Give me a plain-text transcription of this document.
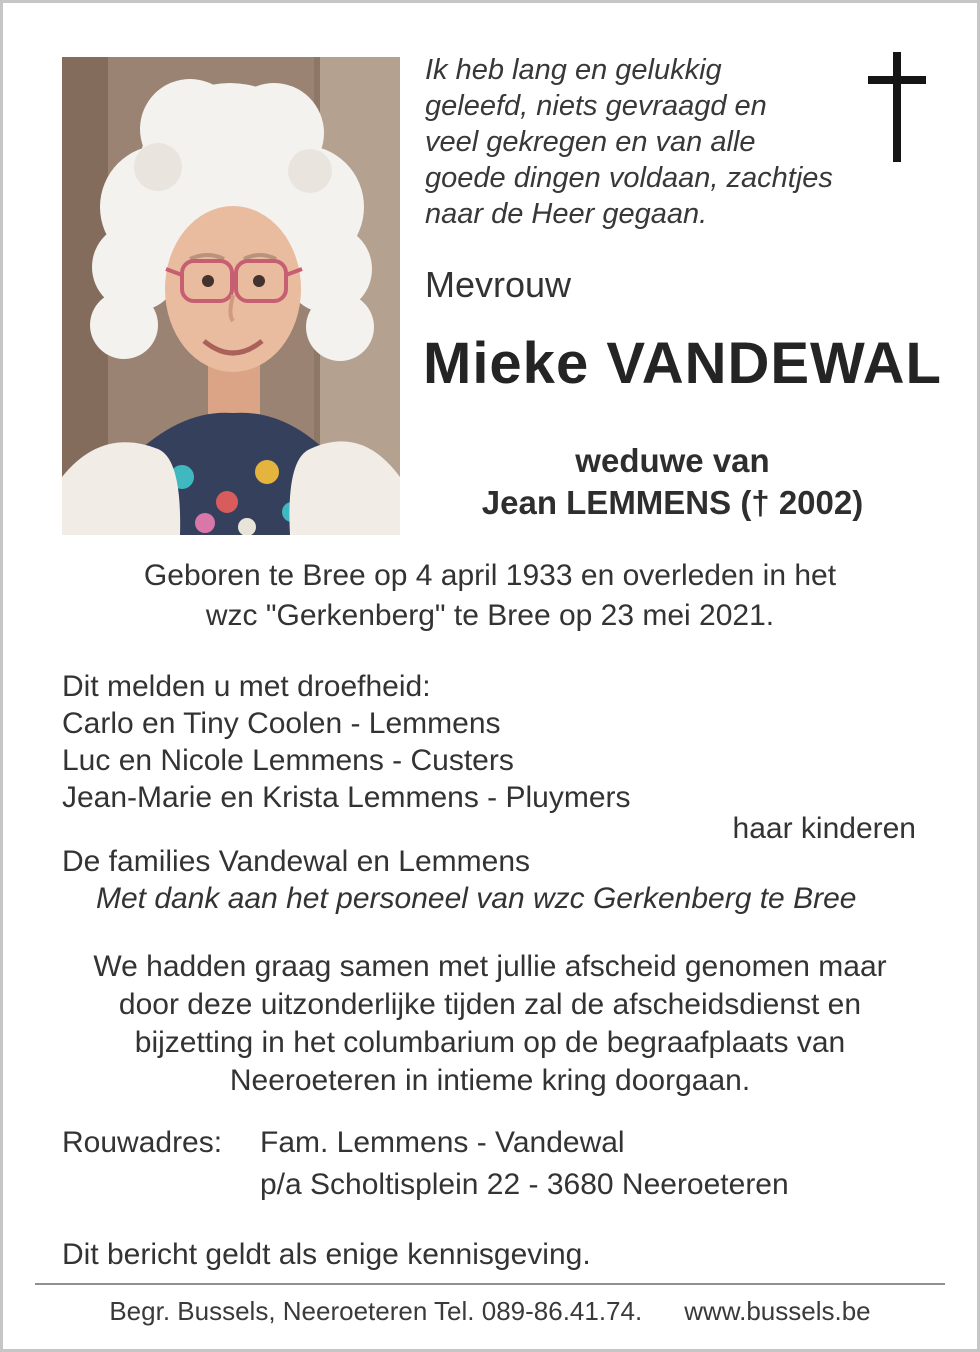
Ik heb lang en gelukkig
geleefd, niets gevraagd en
veel gekregen en van alle
goede dingen voldaan, zachtjes
naar de Heer gegaan.
Mevrouw
Mieke VANDEWAL
weduwe van
Jean LEMMENS († 2002)
Geboren te Bree op 4 april 1933 en overleden in het
wzc "Gerkenberg" te Bree op 23 mei 2021.
Dit melden u met droefheid:
Carlo en Tiny Coolen - Lemmens
Luc en Nicole Lemmens - Custers
Jean-Marie en Krista Lemmens - Pluymers
haar kinderen
De families Vandewal en Lemmens
Met dank aan het personeel van wzc Gerkenberg te Bree
We hadden graag samen met jullie afscheid genomen maar
door deze uitzonderlijke tijden zal de afscheidsdienst en
bijzetting in het columbarium op de begraafplaats van
Neeroeteren in intieme kring doorgaan.
Rouwadres:	Fam. Lemmens - Vandewal
p/a Scholtisplein 22 - 3680 Neeroeteren
Dit bericht geldt als enige kennisgeving.
Begr. Bussels, Neeroeteren Tel. 089-86.41.74. www.bussels.be
